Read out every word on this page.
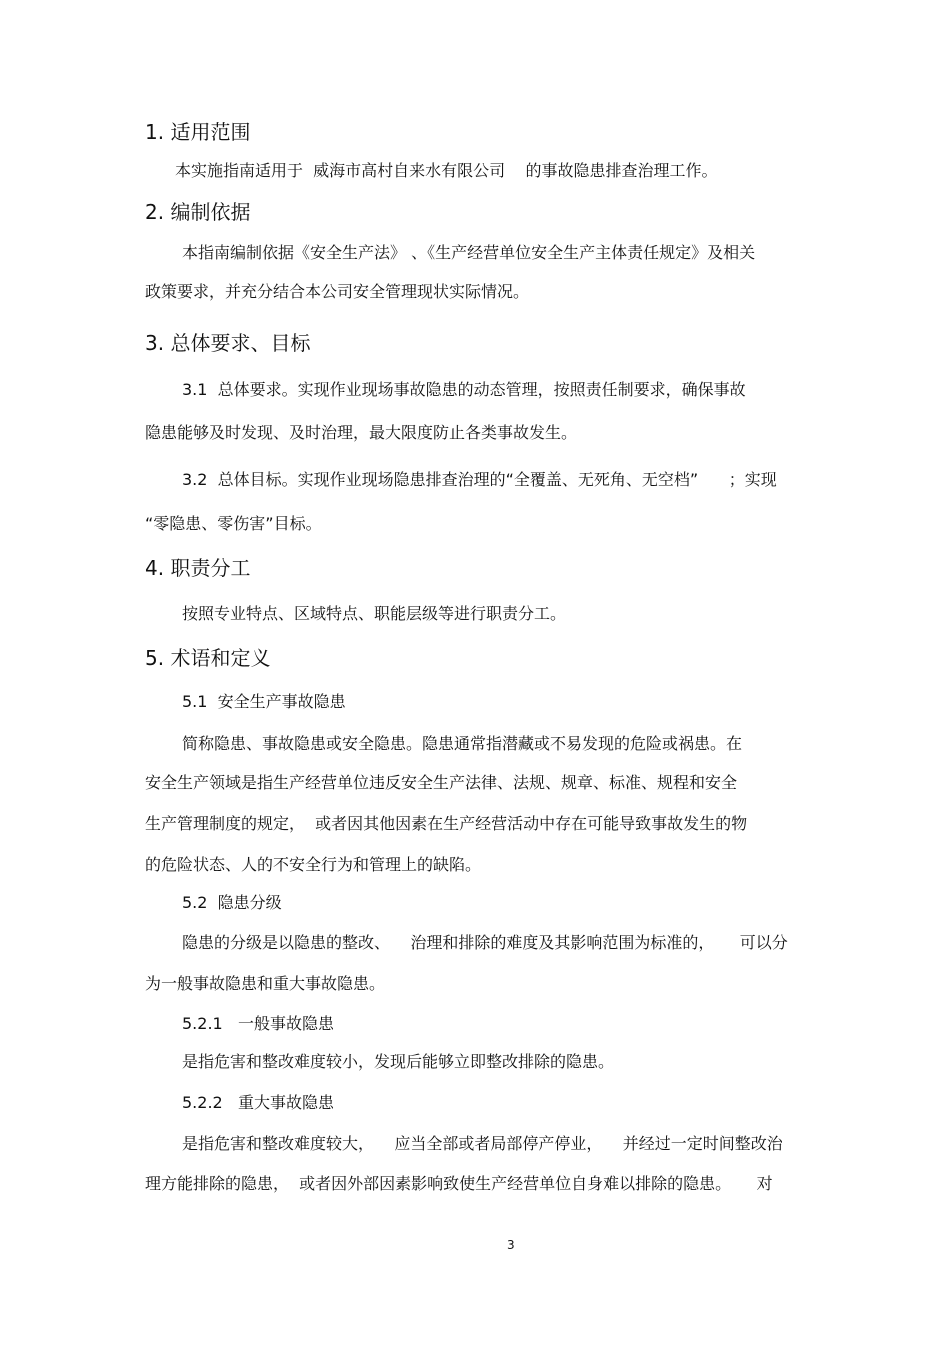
1. 适用范围
本实施指南适用于  威海市高村自来水有限公司    的事故隐患排查治理工作。
2. 编制依据
本指南编制依据《安全生产法》 、《生产经营单位安全生产主体责任规定》及相关
政策要求，并充分结合本公司安全管理现状实际情况。
3. 总体要求、目标
3.1  总体要求。实现作业现场事故隐患的动态管理，按照责任制要求，确保事故
隐患能够及时发现、及时治理，最大限度防止各类事故发生。
3.2  总体目标。实现作业现场隐患排查治理的“全覆盖、无死角、无空档”      ；实现
“零隐患、零伤害”目标。
4. 职责分工
按照专业特点、区域特点、职能层级等进行职责分工。
5. 术语和定义
5.1  安全生产事故隐患
简称隐患、事故隐患或安全隐患。隐患通常指潜藏或不易发现的危险或祸患。在
安全生产领域是指生产经营单位违反安全生产法律、法规、规章、标准、规程和安全
生产管理制度的规定，  或者因其他因素在生产经营活动中存在可能导致事故发生的物
的危险状态、人的不安全行为和管理上的缺陷。
5.2  隐患分级
隐患的分级是以隐患的整改、    治理和排除的难度及其影响范围为标准的，     可以分
为一般事故隐患和重大事故隐患。
5.2.1   一般事故隐患
是指危害和整改难度较小，发现后能够立即整改排除的隐患。
5.2.2   重大事故隐患
是指危害和整改难度较大，    应当全部或者局部停产停业，    并经过一定时间整改治
理方能排除的隐患，  或者因外部因素影响致使生产经营单位自身难以排除的隐患。     对
3
